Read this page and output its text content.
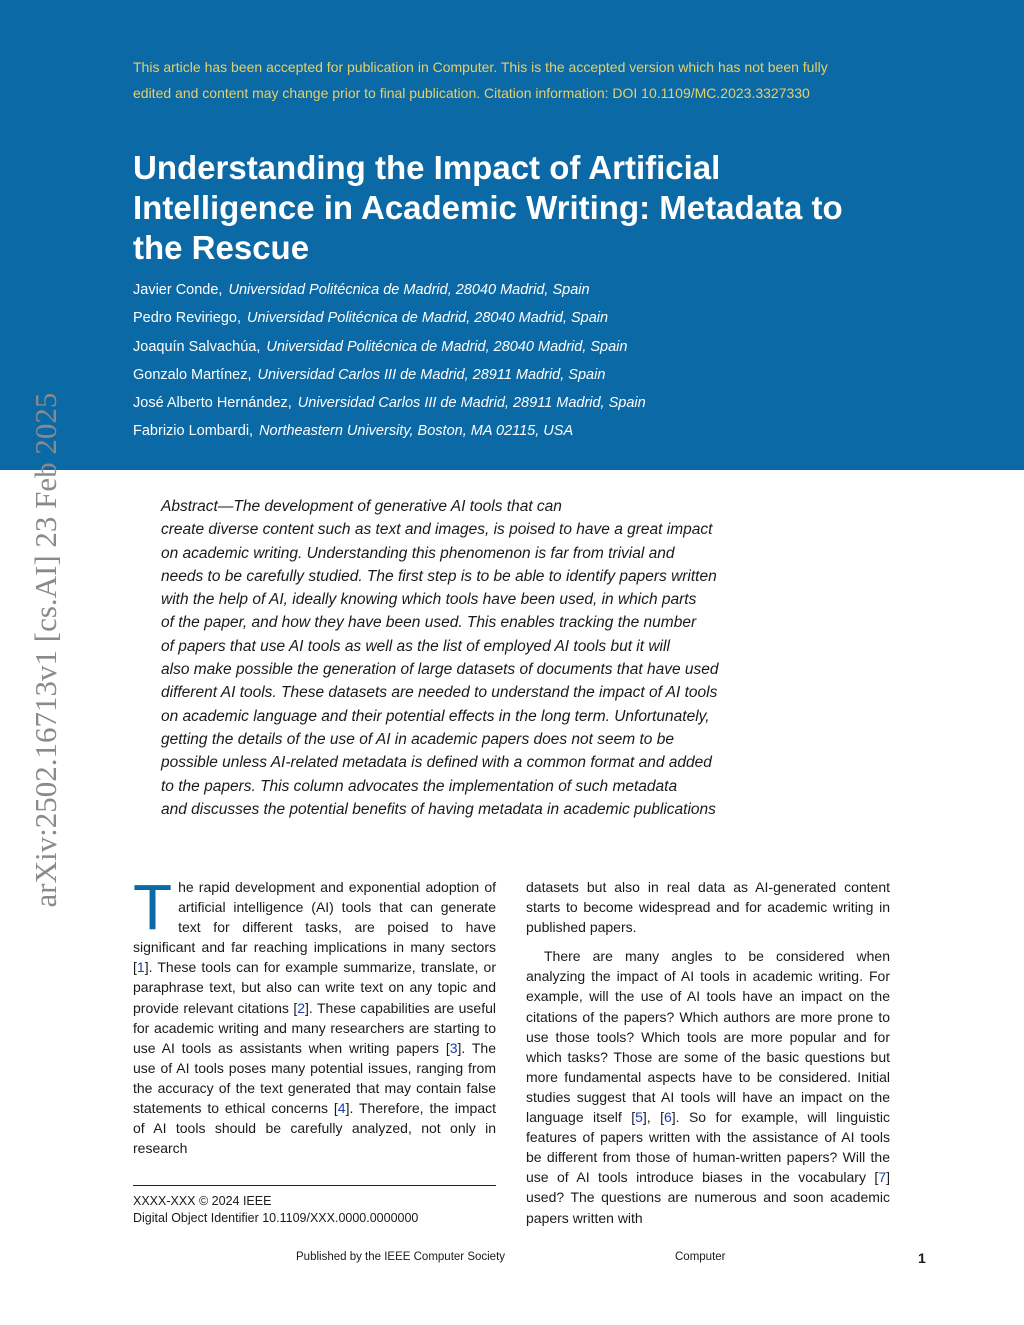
This article has been accepted for publication in Computer. This is the accepted version which has not been fully
edited and content may change prior to final publication. Citation information: DOI 10.1109/MC.2023.3327330
Understanding the Impact of Artificial
Intelligence in Academic Writing: Metadata to
the Rescue
Javier Conde, Universidad Politécnica de Madrid, 28040 Madrid, Spain
Pedro Reviriego, Universidad Politécnica de Madrid, 28040 Madrid, Spain
Joaquín Salvachúa, Universidad Politécnica de Madrid, 28040 Madrid, Spain
Gonzalo Martínez, Universidad Carlos III de Madrid, 28911 Madrid, Spain
José Alberto Hernández, Universidad Carlos III de Madrid, 28911 Madrid, Spain
Fabrizio Lombardi, Northeastern University, Boston, MA 02115, USA
arXiv:2502.16713v1 [cs.AI] 23 Feb 2025	Abstract—The development of generative AI tools that can
create diverse content such as text and images, is poised to have a great impact
on academic writing. Understanding this phenomenon is far from trivial and
needs to be carefully studied. The first step is to be able to identify papers written
with the help of AI, ideally knowing which tools have been used, in which parts
of the paper, and how they have been used. This enables tracking the number
of papers that use AI tools as well as the list of employed AI tools but it will
also make possible the generation of large datasets of documents that have used
different AI tools. These datasets are needed to understand the impact of AI tools
on academic language and their potential effects in the long term. Unfortunately,
getting the details of the use of AI in academic papers does not seem to be
possible unless AI-related metadata is defined with a common format and added
to the papers. This column advocates the implementation of such metadata
and discusses the potential benefits of having metadata in academic publications

The rapid development and exponential adoption of artificial intelligence (AI) tools that can generate text for different tasks, are poised to have significant and far reaching implications in many sectors [1]. These tools can for example summarize, translate, or paraphrase text, but also can write text on any topic and provide relevant citations [2]. These capabilities are useful for academic writing and many researchers are starting to use AI tools as assistants when writing papers [3]. The use of AI tools poses many potential issues, ranging from the accuracy of the text generated that may contain false statements to ethical concerns [4]. Therefore, the impact of AI tools should be carefully analyzed, not only in research

datasets but also in real data as AI-generated content starts to become widespread and for academic writing in published papers.

There are many angles to be considered when analyzing the impact of AI tools in academic writing. For example, will the use of AI tools have an impact on the citations of the papers? Which authors are more prone to use those tools? Which tools are more popular and for which tasks? Those are some of the basic questions but more fundamental aspects have to be considered. Initial studies suggest that AI tools will have an impact on the language itself [5], [6]. So for example, will linguistic features of papers written with the assistance of AI tools be different from those of human-written papers? Will the use of AI tools introduce biases in the vocabulary [7] used? The questions are numerous and soon academic papers written with

XXXX-XXX © 2024 IEEE
Digital Object Identifier 10.1109/XXX.0000.0000000
Published by the IEEE Computer Society	Computer	1
